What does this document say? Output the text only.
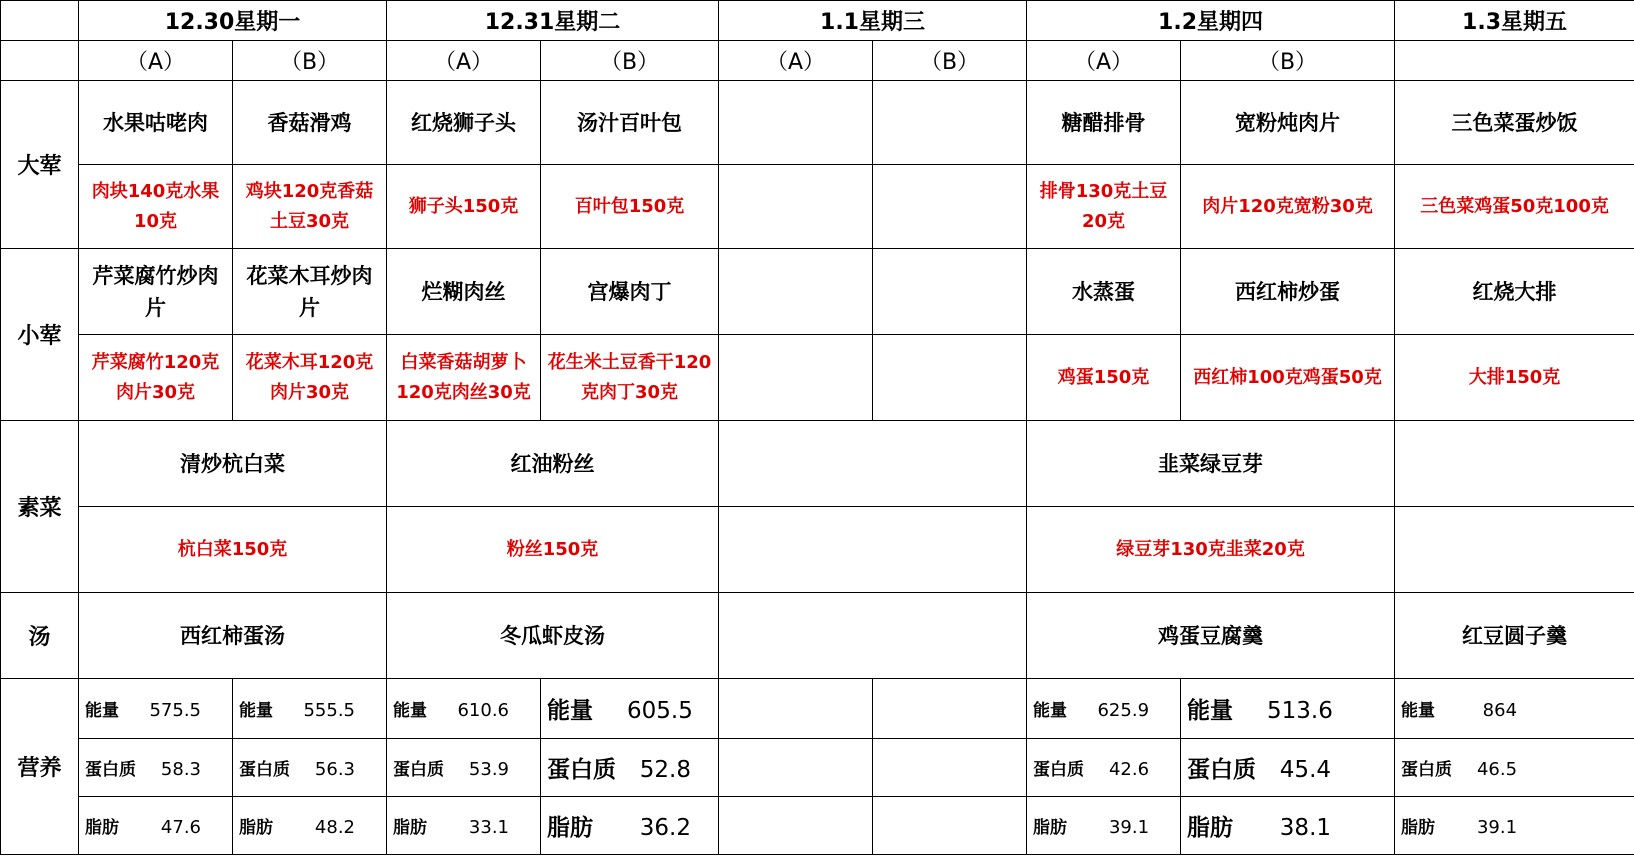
	12.30星期一		12.31星期二		1.1星期三		1.2星期四		1.3星期五
	（A）	（B）	（A）	（B）	（A）	（B）	（A）	（B）	
大荤	水果咕咾肉	香菇滑鸡	红烧狮子头	汤汁百叶包			糖醋排骨	宽粉炖肉片	三色菜蛋炒饭
	肉块140克水果10克	鸡块120克香菇土豆30克	狮子头150克	百叶包150克			排骨130克土豆20克	肉片120克宽粉30克	三色菜鸡蛋50克100克
小荤	芹菜腐竹炒肉片	花菜木耳炒肉片	烂糊肉丝	宫爆肉丁			水蒸蛋	西红柿炒蛋	红烧大排
	芹菜腐竹120克肉片30克	花菜木耳120克肉片30克	白菜香菇胡萝卜120克肉丝30克	花生米土豆香干120克肉丁30克			鸡蛋150克	西红柿100克鸡蛋50克	大排150克
素菜	清炒杭白菜		红油粉丝				韭菜绿豆芽		
	杭白菜150克		粉丝150克				绿豆芽130克韭菜20克		
汤	西红柿蛋汤		冬瓜虾皮汤				鸡蛋豆腐羹		红豆圆子羹
营养	能量 575.5	能量 555.5	能量 610.6	能量 605.5			能量 625.9	能量 513.6	能量 864
	蛋白质 58.3	蛋白质 56.3	蛋白质 53.9	蛋白质 52.8			蛋白质 42.6	蛋白质 45.4	蛋白质 46.5
	脂肪 47.6	脂肪 48.2	脂肪 33.1	脂肪 36.2			脂肪 39.1	脂肪 38.1	脂肪 39.1
